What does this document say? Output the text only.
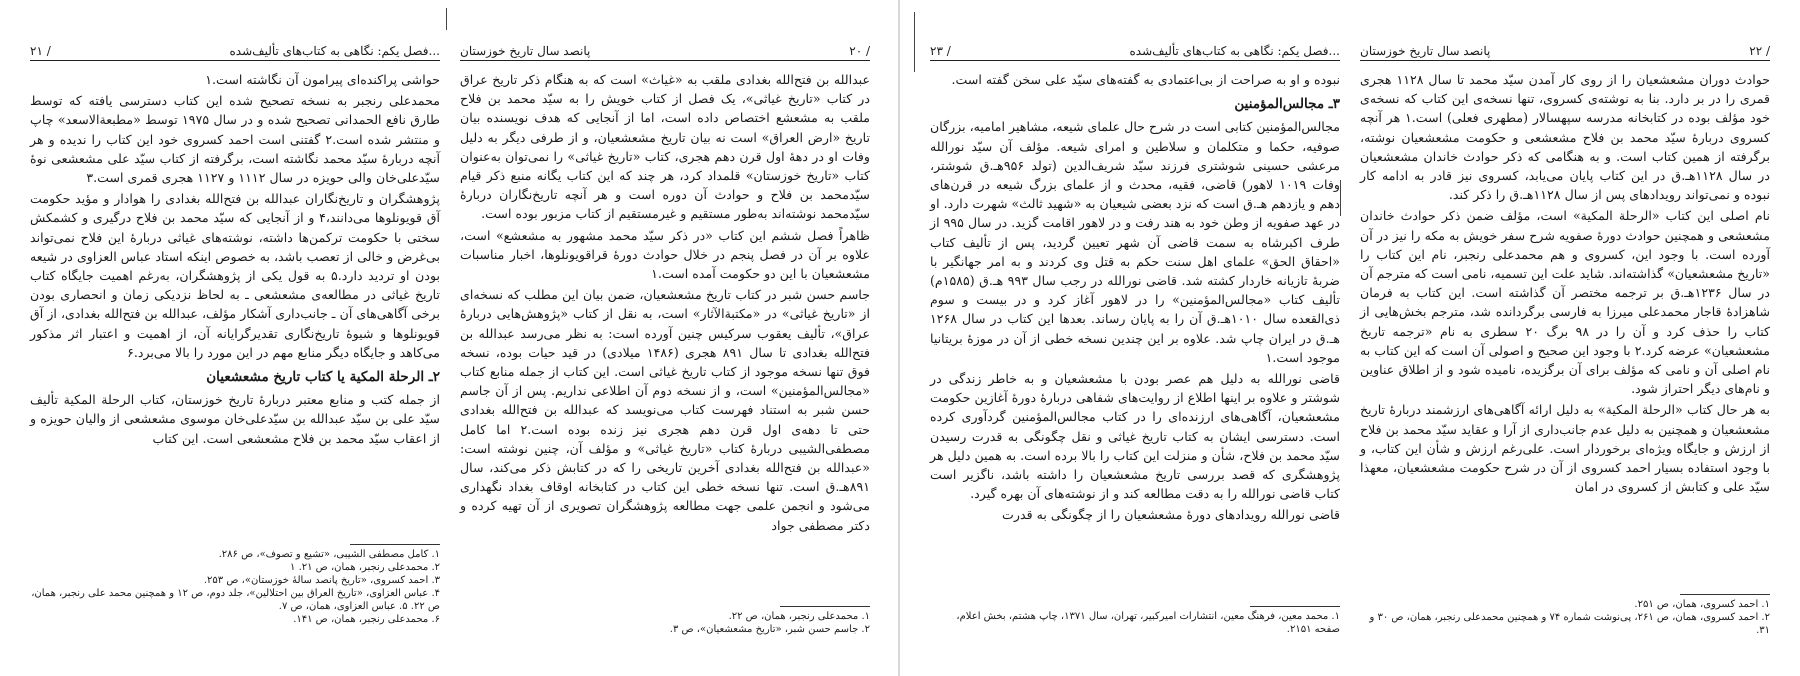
۲۱ /	فصل یکم: نگاهی به کتاب‌های تألیف‌شده...

حواشی پراکنده‌ای پیرامون آن نگاشته است.۱

محمدعلی رنجبر به نسخه تصحیح شده این کتاب دسترسی یافته که توسط طارق نافع الحمدانی تصحیح شده و در سال ۱۹۷۵ توسط «مطبعة‌الاسعد» چاپ و منتشر شده است.۲ گفتنی است احمد کسروی خود این کتاب را ندیده و هر آنچه دربارهٔ سیّد محمد نگاشته است، برگرفته از کتاب سیّد علی مشعشعی نوهٔ سیّدعلی‌خان والی حویزه در سال ۱۱۱۲ و ۱۱۲۷ هجری قمری است.۳

پژوهشگران و تاریخ‌نگاران عبدالله بن فتح‌الله بغدادی را هوادار و مؤید حکومت آق قویونلوها می‌دانند،۴ و از آنجایی که سیّد محمد بن فلاح درگیری و کشمکش سختی با حکومت ترکمن‌ها داشته، نوشته‌های غیاثی دربارهٔ این فلاح نمی‌تواند بی‌غرض و خالی از تعصب باشد، به خصوص اینکه استاد عباس العزاوی در شیعه بودن او تردید دارد.۵ به قول یکی از پژوهشگران، به‌رغم اهمیت جایگاه کتاب تاریخ غیاثی در مطالعه‌ی مشعشعی ـ به لحاظ نزدیکی زمان و انحصاری بودن برخی آگاهی‌های آن ـ جانب‌داری آشکار مؤلف، عبدالله بن فتح‌الله بغدادی، از آق قویونلوها و شیوهٔ تاریخ‌نگاری تقدیرگرایانه آن، از اهمیت و اعتبار اثر مذکور می‌کاهد و جایگاه دیگر منابع مهم در این مورد را بالا می‌برد.۶

۲ـ الرحلة المکیة یا کتاب تاریخ مشعشعیان

از جمله کتب و منابع معتبر دربارهٔ تاریخ خوزستان، کتاب الرحلة المکیة تألیف سیّد علی بن سیّد عبدالله بن سیّدعلی‌خان موسوی مشعشعی از والیان حویزه و از اعقاب سیّد محمد بن فلاح مشعشعی است. این کتاب

۱. کامل مصطفی الشیبی، «تشیع و تصوف»، ص ۲۸۶.
۲. محمدعلی رنجبر، همان، ص ۲۱. ۱
۳. احمد کسروی، «تاریخ پانصد سالهٔ خوزستان»، ص ۲۵۳.
۴. عباس العزاوی، «تاریخ العراق بین احتلالین»، جلد دوم، ص ۱۲ و همچنین محمد علی رنجبر، همان، ص ۲۲. ۵. عباس العزاوی، همان، ص ۷.
۶. محمدعلی رنجبر، همان، ص ۱۴۱.
پانصد سال تاریخ خوزستان	۲۰ /

عبدالله بن فتح‌الله بغدادی ملقب به «غیاث» است که به هنگام ذکر تاریخ عراق در کتاب «تاریخ غیاثی»، یک فصل از کتاب خویش را به سیّد محمد بن فلاح ملقب به مشعشع اختصاص داده است، اما از آنجایی که هدف نویسنده بیان تاریخ «ارض العراق» است نه بیان تاریخ مشعشعیان، و از طرفی دیگر به دلیل وفات او در دههٔ اول قرن دهم هجری، کتاب «تاریخ غیاثی» را نمی‌توان به‌عنوان کتاب «تاریخ خوزستان» قلمداد کرد، هر چند که این کتاب یگانه منبع ذکر قیام سیّدمحمد بن فلاح و حوادث آن دوره است و هر آنچه تاریخ‌نگاران دربارهٔ سیّدمحمد نوشته‌اند به‌طور مستقیم و غیرمستقیم از کتاب مزبور بوده است.

ظاهراً فصل ششم این کتاب «در ذکر سیّد محمد مشهور به مشعشع» است، علاوه بر آن در فصل پنجم در خلال حوادث دورهٔ قراقویونلوها، اخبار مناسبات مشعشعیان با این دو حکومت آمده است.۱

جاسم حسن شبر در کتاب تاریخ مشعشعیان، ضمن بیان این مطلب که نسخه‌ای از «تاریخ غیاثی» در «مکتبة‌الآثار» است، به نقل از کتاب «پژوهش‌هایی دربارهٔ عراق»، تألیف یعقوب سرکیس چنین آورده است: به نظر می‌رسد عبدالله بن فتح‌الله بغدادی تا سال ۸۹۱ هجری (۱۴۸۶ میلادی) در قید حیات بوده، نسخه فوق تنها نسخه موجود از کتاب تاریخ غیاثی است. این کتاب از جمله منابع کتاب «مجالس‌المؤمنین» است، و از نسخه دوم آن اطلاعی نداریم. پس از آن جاسم حسن شبر به استناد فهرست کتاب می‌نویسد که عبدالله بن فتح‌الله بغدادی حتی تا دهه‌ی اول قرن دهم هجری نیز زنده بوده است.۲ اما کامل مصطفی‌الشیبی دربارهٔ کتاب «تاریخ غیاثی» و مؤلف آن، چنین نوشته است: «عبدالله بن فتح‌الله بغدادی آخرین تاریخی را که در کتابش ذکر می‌کند، سال ۸۹۱هـ.ق است. تنها نسخه خطی این کتاب در کتابخانه اوقاف بغداد نگهداری می‌شود و انجمن علمی جهت مطالعه پژوهشگران تصویری از آن تهیه کرده و دکتر مصطفی جواد

۱. محمدعلی رنجبر، همان، ص ۲۲.
۲. جاسم حسن شبر، «تاریخ مشعشعیان»، ص ۳.
۲۳ /	فصل یکم: نگاهی به کتاب‌های تألیف‌شده...

نبوده و او به صراحت از بی‌اعتمادی به گفته‌های سیّد علی سخن گفته است.

۳ـ مجالس‌المؤمنین

مجالس‌المؤمنین کتابی است در شرح حال علمای شیعه، مشاهیر امامیه، بزرگان صوفیه، حکما و متکلمان و سلاطین و امرای شیعه. مؤلف آن سیّد نورالله مرعشی حسینی شوشتری فرزند سیّد شریف‌الدین (تولد ۹۵۶هـ.ق شوشتر، وفات ۱۰۱۹ لاهور) قاضی، فقیه، محدث و از علمای بزرگ شیعه در قرن‌های دهم و یازدهم هـ.ق است که نزد بعضی شیعیان به «شهید ثالث» شهرت دارد. او در عهد صفویه از وطن خود به هند رفت و در لاهور اقامت گزید. در سال ۹۹۵ از طرف اکبرشاه به سمت قاضی آن شهر تعیین گردید، پس از تألیف کتاب «احقاق الحق» علمای اهل سنت حکم به قتل وی کردند و به امر جهانگیر با ضربهٔ تازیانه خاردار کشته شد. قاضی نورالله در رجب سال ۹۹۳ هـ.ق (۱۵۸۵م) تألیف کتاب «مجالس‌المؤمنین» را در لاهور آغاز کرد و در بیست و سوم ذی‌القعده سال ۱۰۱۰هـ.ق آن را به پایان رساند. بعدها این کتاب در سال ۱۲۶۸ هـ.ق در ایران چاپ شد. علاوه بر این چندین نسخه خطی از آن در موزهٔ بریتانیا موجود است.۱

قاضی نورالله به دلیل هم عصر بودن با مشعشعیان و به خاطر زندگی در شوشتر و علاوه بر اینها اطلاع از روایت‌های شفاهی دربارهٔ دورهٔ آغازین حکومت مشعشعیان، آگاهی‌های ارزنده‌ای را در کتاب مجالس‌المؤمنین گردآوری کرده است. دسترسی ایشان به کتاب تاریخ غیاثی و نقل چگونگی به قدرت رسیدن سیّد محمد بن فلاح، شأن و منزلت این کتاب را بالا برده است. به همین دلیل هر پژوهشگری که قصد بررسی تاریخ مشعشعیان را داشته باشد، ناگزیر است کتاب قاضی نورالله را به دقت مطالعه کند و از نوشته‌های آن بهره گیرد.

قاضی نورالله رویدادهای دورهٔ مشعشعیان را از چگونگی به قدرت

۱. محمد معین، فرهنگ معین، انتشارات امیرکبیر، تهران، سال ۱۳۷۱، چاپ هشتم، بخش اعلام، صفحه ۲۱۵۱.
پانصد سال تاریخ خوزستان	۲۲ /

حوادث دوران مشعشعیان را از روی کار آمدن سیّد محمد تا سال ۱۱۲۸ هجری قمری را در بر دارد. بنا به نوشته‌ی کسروی، تنها نسخه‌ی این کتاب که نسخه‌ی خود مؤلف بوده در کتابخانه مدرسه سپهسالار (مطهری فعلی) است.۱ هر آنچه کسروی دربارهٔ سیّد محمد بن فلاح مشعشعی و حکومت مشعشعیان نوشته، برگرفته از همین کتاب است. و به هنگامی که ذکر حوادث خاندان مشعشعیان در سال ۱۱۲۸هـ.ق در این کتاب پایان می‌یابد، کسروی نیز قادر به ادامه کار نبوده و نمی‌تواند رویدادهای پس از سال ۱۱۲۸هـ.ق را ذکر کند.

نام اصلی این کتاب «الرحلة المکیة» است، مؤلف ضمن ذکر حوادث خاندان مشعشعی و همچنین حوادث دورهٔ صفویه شرح سفر خویش به مکه را نیز در آن آورده است. با وجود این، کسروی و هم محمدعلی رنجبر، نام این کتاب را «تاریخ مشعشعیان» گذاشته‌اند. شاید علت این تسمیه، نامی است که مترجم آن در سال ۱۲۳۶هـ.ق بر ترجمه مختصر آن گذاشته است. این کتاب به فرمان شاهزادهٔ قاجار محمدعلی میرزا به فارسی برگردانده شد، مترجم بخش‌هایی از کتاب را حذف کرد و آن را در ۹۸ برگ ۲۰ سطری به نام «ترجمه تاریخ مشعشعیان» عرضه کرد.۲ با وجود این صحیح و اصولی آن است که این کتاب به نام اصلی آن و نامی که مؤلف برای آن برگزیده، نامیده شود و از اطلاق عناوین و نام‌های دیگر احتراز شود.

به هر حال کتاب «الرحلة المکیة» به دلیل ارائه آگاهی‌های ارزشمند دربارهٔ تاریخ مشعشعیان و همچنین به دلیل عدم جانب‌داری از آرا و عقاید سیّد محمد بن فلاح از ارزش و جایگاه ویژه‌ای برخوردار است. علی‌رغم ارزش و شأن این کتاب، و با وجود استفاده بسیار احمد کسروی از آن در شرح حکومت مشعشعیان، معهذا سیّد علی و کتابش از کسروی در امان

۱. احمد کسروی، همان، ص ۲۵۱.
۲. احمد کسروی، همان، ص ۲۶۱، پی‌نوشت شماره ۷۴ و همچنین محمدعلی رنجبر، همان، ص ۳۰ و ۳۱.
